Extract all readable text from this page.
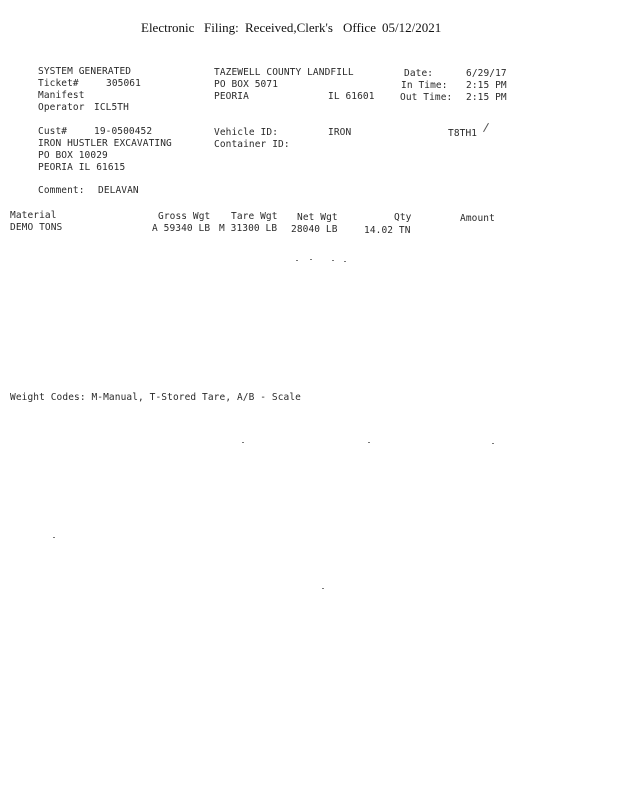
Electronic Filing: Received,Clerk's Office 05/12/2021
SYSTEM GENERATED
Ticket#	305061
Manifest
Operator ICL5TH
TAZEWELL COUNTY LANDFILL
PO BOX 5071
PEORIA	IL 61601
Date:	6/29/17
In Time: 2:15 PM
Out Time: 2:15 PM
Cust#	19-0500452
IRON HUSTLER EXCAVATING
PO BOX 10029
PEORIA IL 61615
Vehicle ID:	IRON
Container ID:
T8TH1
Comment: DELAVAN
Material	Gross Wgt Tare Wgt Net Wgt	Qty	Amount
DEMO TONS	A 59340 LB M 31300 LB 28040 LB	14.02 TN
Weight Codes: M-Manual, T-Stored Tare, A/B - Scale
